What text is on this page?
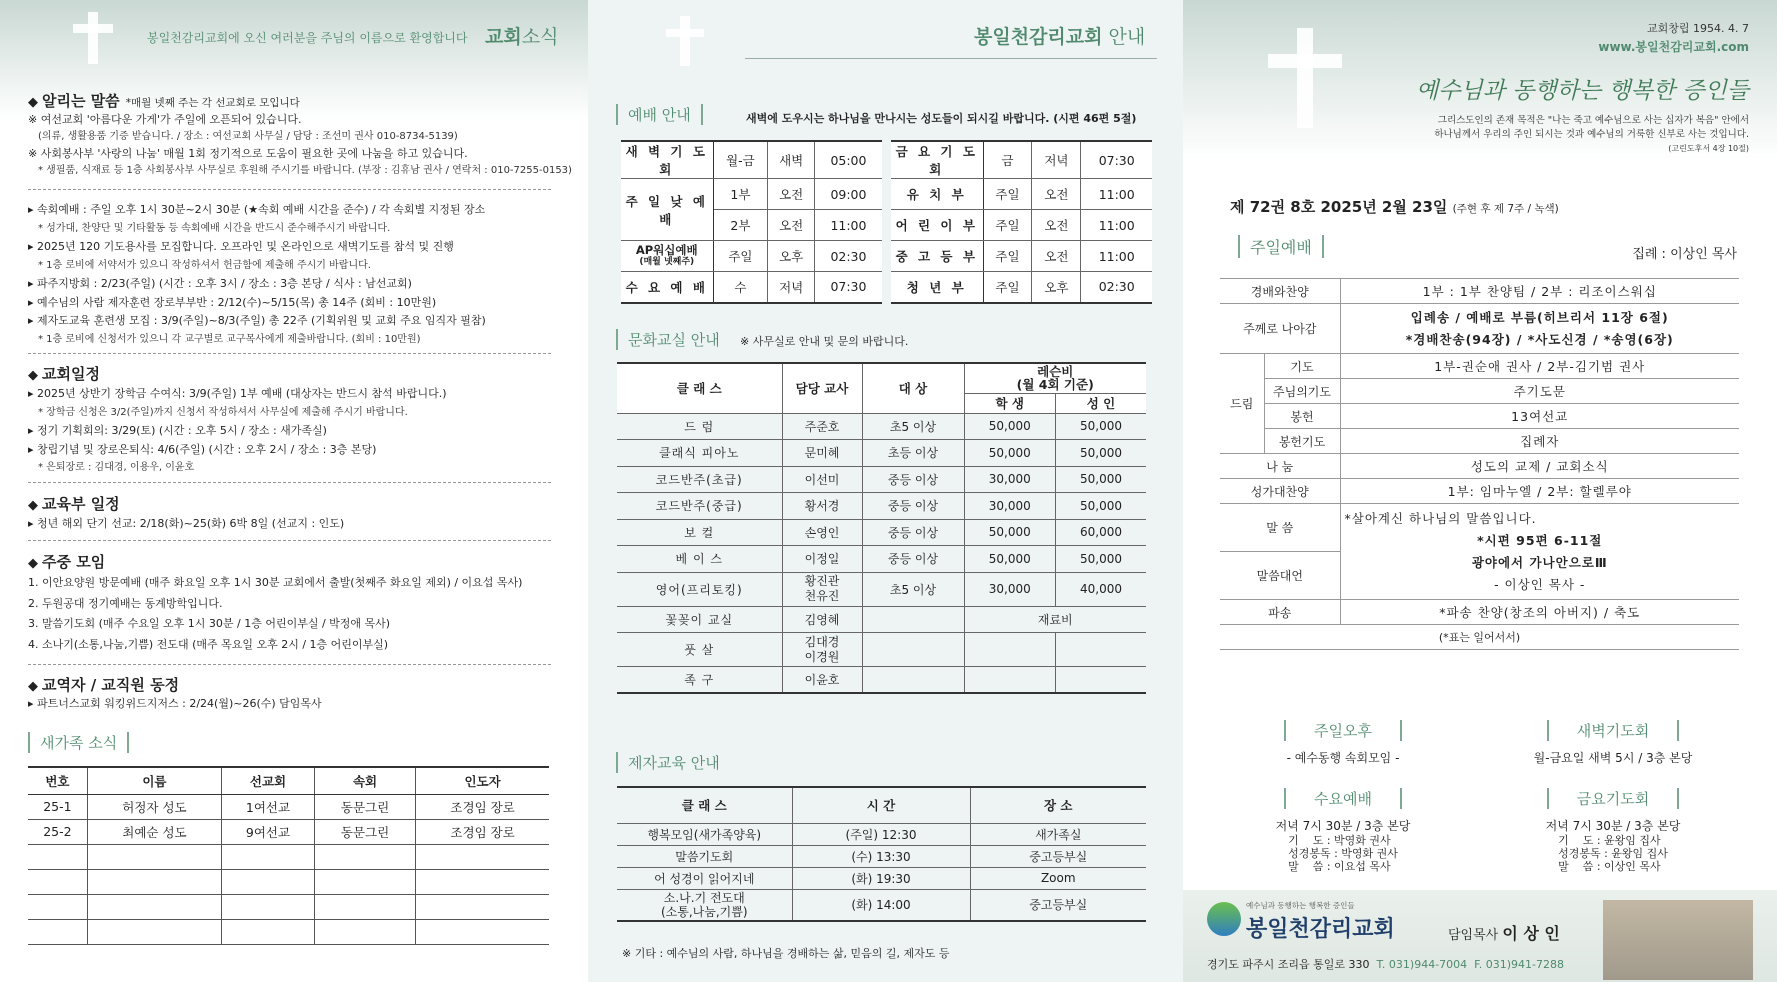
봉일천감리교회에 오신 여러분을 주님의 이름으로 환영합니다 교회소식
◆ 알리는 말씀 *매월 넷째 주는 각 선교회로 모입니다
※ 여선교회 '아름다운 가게'가 주일에 오픈되어 있습니다.
(의류, 생활용품 기증 받습니다. / 장소 : 여선교회 사무실 / 담당 : 조선미 권사 010-8734-5139)
※ 사회봉사부 '사랑의 나눔' 매월 1회 정기적으로 도움이 필요한 곳에 나눔을 하고 있습니다.
* 생필품, 식재료 등 1층 사회봉사부 사무실로 후원해 주시기를 바랍니다. (부장 : 김휴남 권사 / 연락처 : 010-7255-0153)
▸ 속회예배 : 주일 오후 1시 30분~2시 30분 (★속회 예배 시간을 준수) / 각 속회별 지정된 장소
* 성가대, 찬양단 및 기타활동 등 속회예배 시간을 반드시 준수해주시기 바랍니다.
▸ 2025년 120 기도용사를 모집합니다. 오프라인 및 온라인으로 새벽기도를 참석 및 진행
* 1층 로비에 서약서가 있으니 작성하셔서 헌금함에 제출해 주시기 바랍니다.
▸ 파주지방회 : 2/23(주일) (시간 : 오후 3시 / 장소 : 3층 본당 / 식사 : 남선교회)
▸ 예수님의 사람 제자훈련 장로부부반 : 2/12(수)~5/15(목) 총 14주 (회비 : 10만원)
▸ 제자도교육 훈련생 모집 : 3/9(주일)~8/3(주일) 총 22주 (기획위원 및 교회 주요 임직자 필참)
* 1층 로비에 신청서가 있으니 각 교구별로 교구목사에게 제출바랍니다. (회비 : 10만원)
◆ 교회일정
▸ 2025년 상반기 장학금 수여식: 3/9(주일) 1부 예배 (대상자는 반드시 참석 바랍니다.)
* 장학금 신청은 3/2(주일)까지 신청서 작성하셔서 사무실에 제출해 주시기 바랍니다.
▸ 정기 기획회의: 3/29(토) (시간 : 오후 5시 / 장소 : 새가족실)
▸ 창립기념 및 장로은퇴식: 4/6(주일) (시간 : 오후 2시 / 장소 : 3층 본당)
* 은퇴장로 : 김대경, 이용우, 이윤호
◆ 교육부 일정
▸ 청년 해외 단기 선교: 2/18(화)~25(화) 6박 8일 (선교지 : 인도)
◆ 주중 모임
1. 이안요양원 방문예배 (매주 화요일 오후 1시 30분 교회에서 출발(첫째주 화요일 제외) / 이요섭 목사)
2. 두원공대 정기예배는 동계방학입니다.
3. 말씀기도회 (매주 수요일 오후 1시 30분 / 1층 어린이부실 / 박정애 목사)
4. 소나기(소통,나눔,기쁨) 전도대 (매주 목요일 오후 2시 / 1층 어린이부실)
◆ 교역자 / 교직원 동정
▸ 파트너스교회 워킹위드지저스 : 2/24(월)~26(수) 담임목사
새가족 소식
번호	이름	선교회	속회	인도자
25-1	허정자 성도	1여선교	동문그린	조경임 장로
25-2	최예순 성도	9여선교	동문그린	조경임 장로

봉일천감리교회 안내
예배 안내	새벽에 도우시는 하나님을 만나시는 성도들이 되시길 바랍니다. (시편 46편 5절)
새 벽 기 도 회	월-금	새벽	05:00
주 일 낮 예 배	1부	오전	09:00
	2부	오전	11:00

AP워십예배
(매월 넷째주)	주일	오후	02:30
수 요 예 배	수	저녁	07:30
금 요 기 도 회	금	저녁	07:30
유 치 부	주일	오전	11:00
어 린 이 부	주일	오전	11:00
중 고 등 부	주일	오전	11:00
청 년 부	주일	오후	02:30
문화교실 안내	※ 사무실로 안내 및 문의 바랍니다.
클 래 스	담당 교사	대 상	레슨비
(월 4회 기준)	
			학 생	성 인
드 럼	주준호	초5 이상	50,000	50,000
클래식 피아노	문미혜	초등 이상	50,000	50,000
코드반주(초급)	이선미	중등 이상	30,000	50,000
코드반주(중급)	황서경	중등 이상	30,000	50,000
보 컬	손영인	중등 이상	50,000	60,000
베 이 스	이정일	중등 이상	50,000	50,000
영어(프리토킹)	황진관
천유진	초5 이상	30,000	40,000
꽃꽂이 교실	김영혜		재료비	
풋 살	김대경
이경원			
족 구	이윤호			
제자교육 안내
클 래 스	시 간	장 소
행복모임(새가족양육)	(주일) 12:30	새가족실
말씀기도회	(수) 13:30	중고등부실
어 성경이 읽어지네	(화) 19:30	Zoom
소.나.기 전도대
(소통,나눔,기쁨)	(화) 14:00	중고등부실
※ 기타 : 예수님의 사람, 하나님을 경배하는 삶, 믿음의 길, 제자도 등
교회창립 1954. 4. 7
www.봉일천감리교회.com
예수님과 동행하는 행복한 증인들
그리스도인의 존재 목적은 "나는 죽고 예수님으로 사는 십자가 복음" 안에서
하나님께서 우리의 주인 되시는 것과 예수님의 거룩한 신부로 사는 것입니다.
(고린도후서 4장 10절)
제 72권 8호 2025년 2월 23일 (주현 후 제 7주 / 녹색)
주일예배	집례 : 이상인 목사
경배와찬양		1부 : 1부 찬양팀 / 2부 : 리조이스워십
주께로 나아감		입례송 / 예배로 부름(히브리서 11장 6절)
*경배찬송(94장) / *사도신경 / *송영(6장)

드림	기도	1부-권순애 권사 / 2부-김기범 권사
	주님의기도	주기도문
	봉헌	13여선교
	봉헌기도	집례자
나 눔		성도의 교제 / 교회소식
성가대찬양		1부: 임마누엘 / 2부: 할렐루야
말 씀		*살아계신 하나님의 말씀입니다.
*시편 95편 6-11절
광야에서 가나안으로Ⅲ
- 이상인 목사 -

말씀대언		
파송		*파송 찬양(창조의 아버지) / 축도
(*표는 일어서서)		
주일오후
- 예수동행 속회모임 -
새벽기도회
월-금요일 새벽 5시 / 3층 본당
수요예배
저녁 7시 30분 / 3층 본당
기    도 : 박영화 권사
성경봉독 : 박영화 권사
말    씀 : 이요섭 목사
금요기도회
저녁 7시 30분 / 3층 본당
기    도 : 윤왕임 집사
성경봉독 : 윤왕임 집사
말    씀 : 이상인 목사
예수님과 동행하는 행복한 증인들
봉일천감리교회	담임목사 이 상 인
경기도 파주시 조리읍 통일로 330 T. 031)944-7004 F. 031)941-7288
